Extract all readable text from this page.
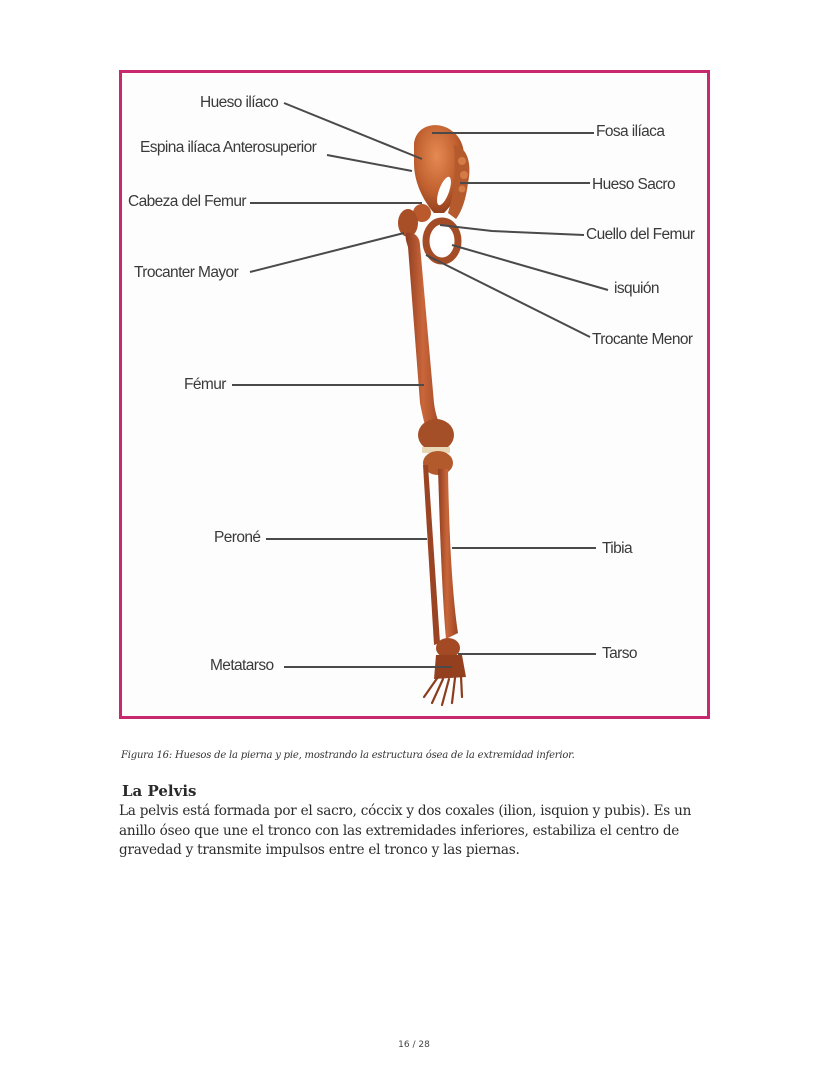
Hueso ilíaco
Espina ilíaca Anterosuperior
Cabeza del Femur
Trocanter Mayor
Fémur
Peroné
Metatarso
Fosa ilíaca
Hueso Sacro
Cuello del Femur
isquión
Trocante Menor
Tibia
Tarso
Figura 16: Huesos de la pierna y pie, mostrando la estructura ósea de la extremidad inferior.
La Pelvis
La pelvis está formada por el sacro, cóccix y dos coxales (ilion, isquion y pubis). Es un anillo óseo que une el tronco con las extremidades inferiores, estabiliza el centro de gravedad y transmite impulsos entre el tronco y las piernas.
16 / 28
